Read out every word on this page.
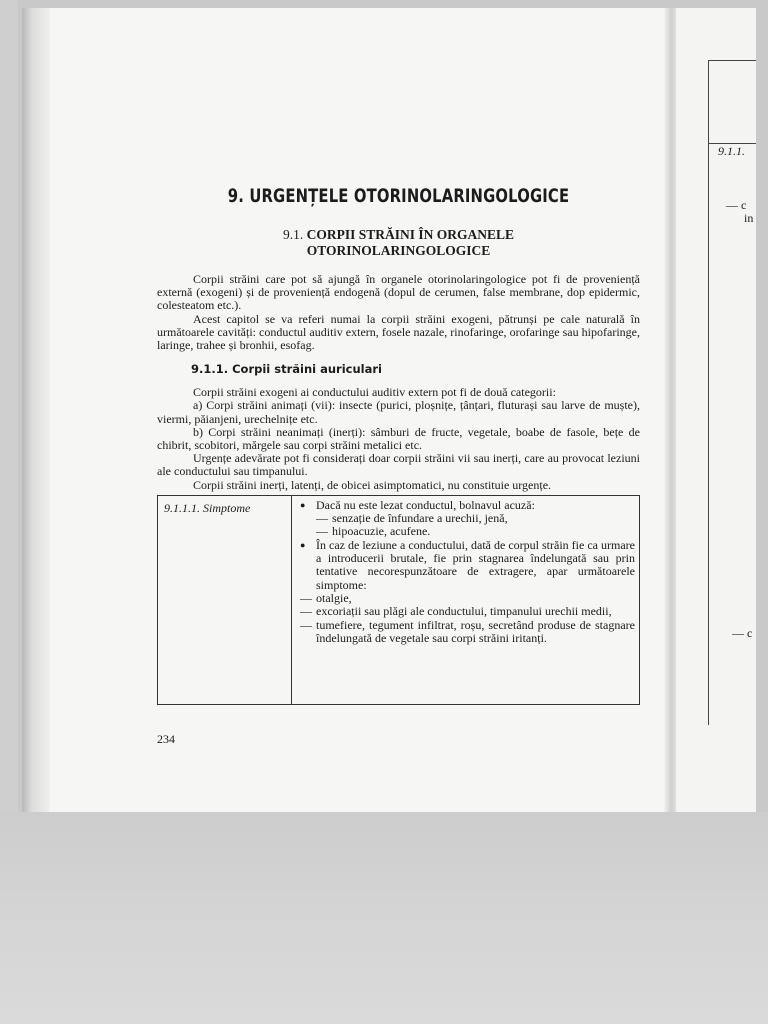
9.1.1.
— c
in
— c
9. URGENȚELE OTORINOLARINGOLOGICE
9.1. CORPII STRĂINI ÎN ORGANELE
OTORINOLARINGOLOGICE

Corpii străini care pot să ajungă în organele otorinolaringologice pot fi de proveniență externă (exogeni) și de proveniență endogenă (dopul de cerumen, false membrane, dop epidermic, colesteatom etc.).

Acest capitol se va referi numai la corpii străini exogeni, pătrunși pe cale naturală în următoarele cavități: conductul auditiv extern, fosele nazale, rinofaringe, orofaringe sau hipofaringe, laringe, trahee și bronhii, esofag.

9.1.1. Corpii străini auriculari

Corpii străini exogeni ai conductului auditiv extern pot fi de două categorii:

a) Corpi străini animați (vii): insecte (purici, ploșnițe, țânțari, fluturași sau larve de muște), viermi, păianjeni, urechelnițe etc.

b) Corpi străini neanimați (inerți): sâmburi de fructe, vegetale, boabe de fasole, bețe de chibrit, scobitori, mărgele sau corpi străini metalici etc.

Urgențe adevărate pot fi considerați doar corpii străini vii sau inerți, care au provocat leziuni ale conductului sau timpanului.

Corpii străini inerți, latenți, de obicei asimptomatici, nu constituie urgențe.

9.1.1.1. Simptome	● Dacă nu este lezat conductul, bolnavul acuză:
— senzație de înfundare a urechii, jenă,
— hipoacuzie, acufene.
● În caz de leziune a conductului, dată de corpul străin fie ca urmare a introducerii brutale, fie prin stagnarea îndelungată sau prin tentative necorespunzătoare de extragere, apar următoarele simptome:
— otalgie,
— excoriații sau plăgi ale conductului, timpanului urechii medii,
— tumefiere, tegument infiltrat, roșu, secretând produse de stagnare îndelungată de vegetale sau corpi străini iritanți.
234
